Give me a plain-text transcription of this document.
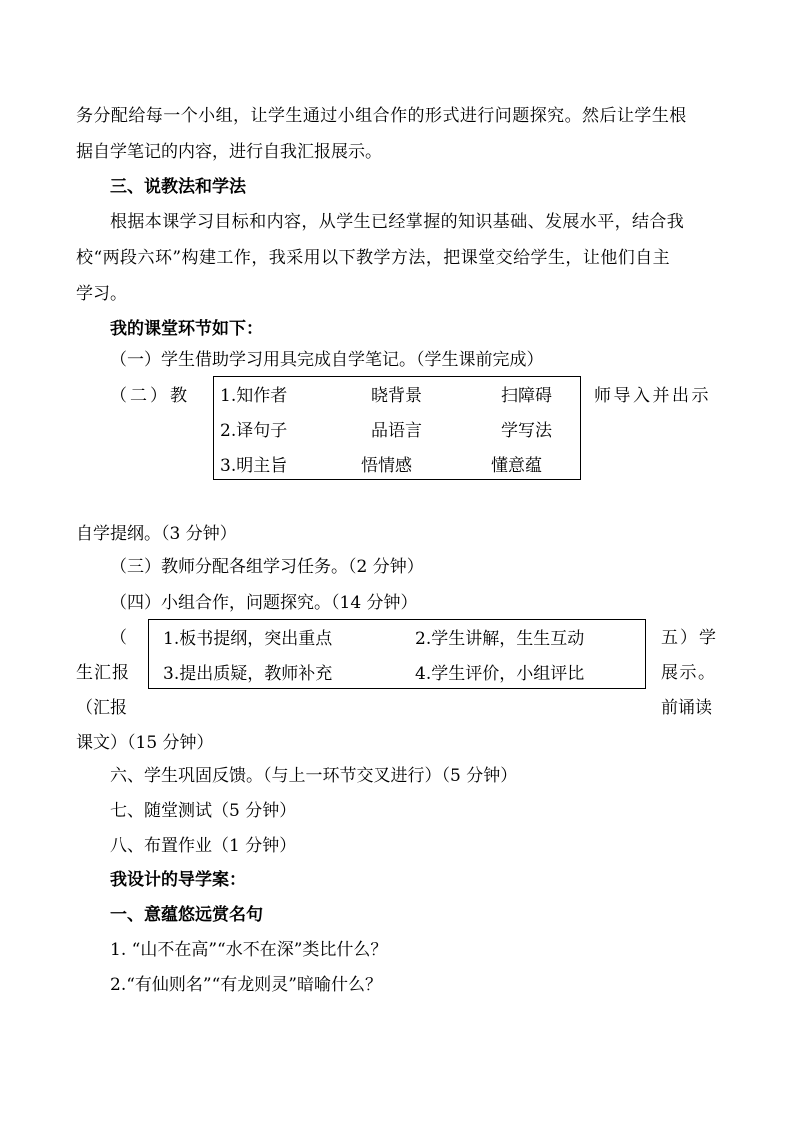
务分配给每一个小组，让学生通过小组合作的形式进行问题探究。然后让学生根
据自学笔记的内容，进行自我汇报展示。
三、说教法和学法
根据本课学习目标和内容，从学生已经掌握的知识基础、发展水平，结合我
校“两段六环”构建工作，我采用以下教学方法，把课堂交给学生，让他们自主
学习。
我的课堂环节如下：
（一）学生借助学习用具完成自学笔记。（学生课前完成）
（二）教	师导入并出示
1.知作者	晓背景	扫障碍
2.译句子	品语言	学写法
3.明主旨	悟情感	懂意蕴
自学提纲。（3 分钟）
（三）教师分配各组学习任务。（2 分钟）
（四）小组合作，问题探究。（14 分钟）
（	五）学
生汇报	展示。
（汇报	前诵读
1.板书提纲，突出重点	2.学生讲解，生生互动
3.提出质疑，教师补充	4.学生评价，小组评比
课文）（15 分钟）
六、学生巩固反馈。（与上一环节交叉进行）（5 分钟）
七、随堂测试（5 分钟）
八、布置作业（1 分钟）
我设计的导学案：
一、意蕴悠远赏名句
1. “山不在高”“水不在深”类比什么？
2.“有仙则名”“有龙则灵”暗喻什么？
